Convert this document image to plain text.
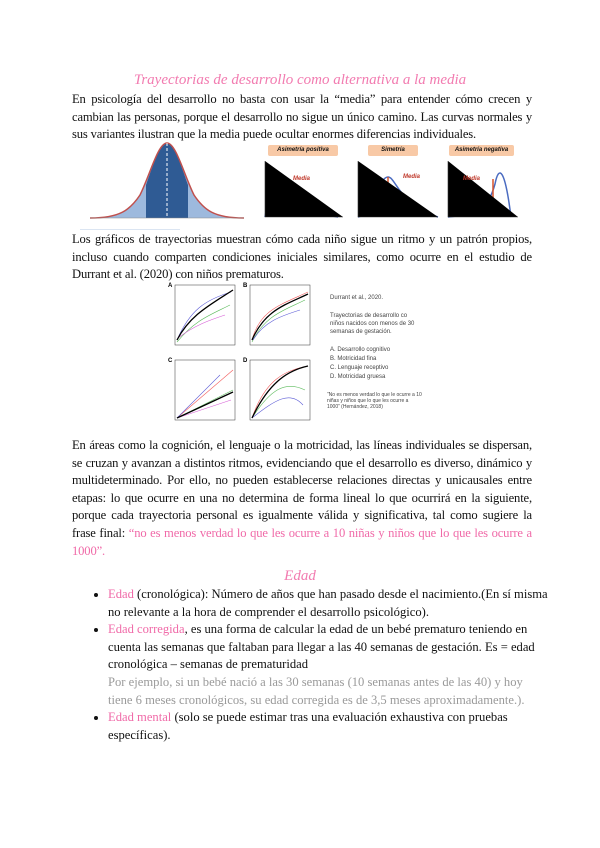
Trayectorias de desarrollo como alternativa a la media
En psicología del desarrollo no basta con usar la “media” para entender cómo crecen y cambian las personas, porque el desarrollo no sigue un único camino. Las curvas normales y sus variantes ilustran que la media puede ocultar enormes diferencias individuales.
Asimetría positiva	Simetría	Asimetría negativa
Media	Media	Media
Los gráficos de trayectorias muestran cómo cada niño sigue un ritmo y un patrón propios, incluso cuando comparten condiciones iniciales similares, como ocurre en el estudio de Durrant et al. (2020) con niños prematuros.
A	B
C	D
Durrant et al., 2020.
Trayectorias de desarrollo co niños nacidos con menos de 30 semanas de gestación.
A. Desarrollo cognitivo
B. Motricidad fina
C. Lenguaje receptivo
D. Motricidad gruesa
“No es menos verdad lo que le ocurre a 10 niñas y niños que lo que les ocurre a 1000” (Hernández, 2018)
En áreas como la cognición, el lenguaje o la motricidad, las líneas individuales se dispersan, se cruzan y avanzan a distintos ritmos, evidenciando que el desarrollo es diverso, dinámico y multideterminado. Por ello, no pueden establecerse relaciones directas y unicausales entre etapas: lo que ocurre en una no determina de forma lineal lo que ocurrirá en la siguiente, porque cada trayectoria personal es igualmente válida y significativa, tal como sugiere la frase final: “no es menos verdad lo que les ocurre a 10 niñas y niños que lo que les ocurre a 1000”.
Edad
• Edad (cronológica): Número de años que han pasado desde el nacimiento.(En sí misma no relevante a la hora de comprender el desarrollo psicológico).
• Edad corregida, es una forma de calcular la edad de un bebé prematuro teniendo en cuenta las semanas que faltaban para llegar a las 40 semanas de gestación. Es = edad cronológica – semanas de prematuridad
Por ejemplo, si un bebé nació a las 30 semanas (10 semanas antes de las 40) y hoy tiene 6 meses cronológicos, su edad corregida es de 3,5 meses aproximadamente.).
• Edad mental (solo se puede estimar tras una evaluación exhaustiva con pruebas específicas).
